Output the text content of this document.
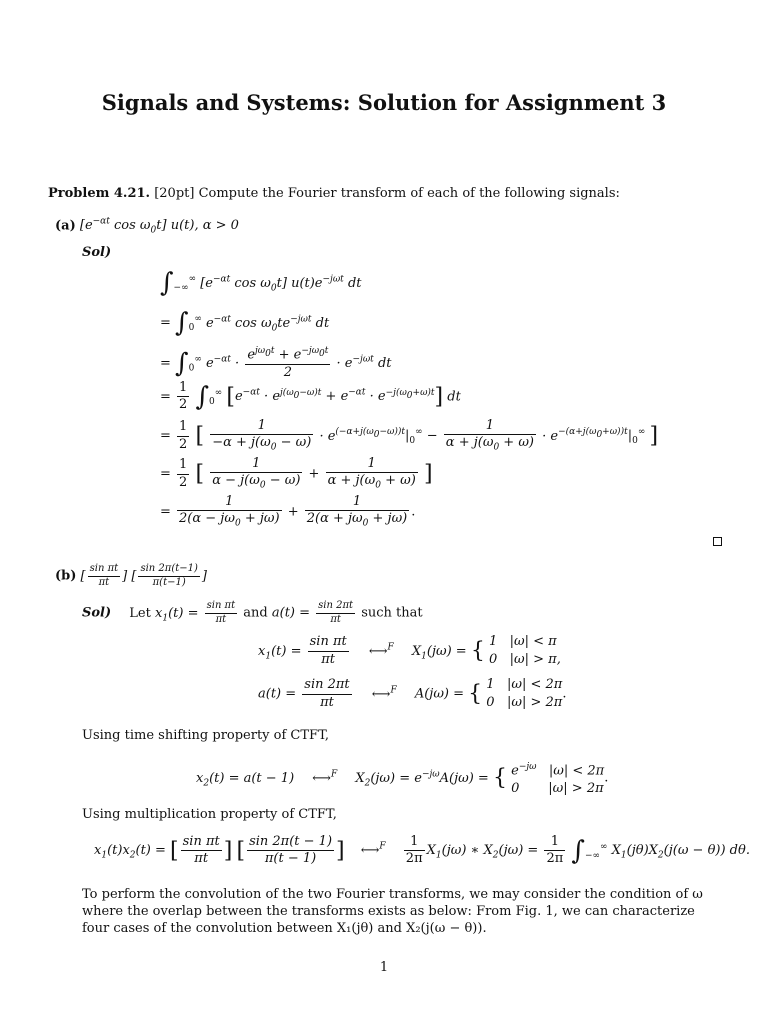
Signals and Systems: Solution for Assignment 3
Problem 4.21. [20pt] Compute the Fourier transform of each of the following signals:
(a) [$e^{-\alpha t}$ $\cos \omega_0t$] u(t), α > 0
Sol)
$\int_{-\infty}^\infty$ [$e^{-\alpha t}$ $\cos \omega_0t$] $u(t)e^{-j\omega t}$ dt
= $\int_0^\infty$ $e^{-\alpha t}$ $\cos \omega_0te^{-j\omega t}$ dt
= $\int_0^\infty$ $e^{-\alpha t} \cdot \frac{e^{j\omega_0t} + e^{-j\omega_0t}}{2} \cdot e^{-j\omega t}$ dt
= $\frac{1}{2} \int_0^\infty$ $[e^{-\alpha t} \cdot e^{j(\omega_0-\omega)t} + e^{-\alpha t} \cdot e^{-j(\omega_0+\omega)t}]$ dt
= $\frac{1}{2}$ [ $\frac{1}{-\alpha + j(\omega_0 - \omega)} \cdot e^{(-\alpha+j(\omega_0-\omega))t}|_0^\infty - \frac{1}{\alpha + j(\omega_0 + \omega)} \cdot e^{-(\alpha+j(\omega_0+\omega))t}|_0^\infty$ ]
= $\frac{1}{2}$ [ $\frac{1}{\alpha - j(\omega_0 - \omega)} + \frac{1}{\alpha + j(\omega_0 + \omega)}$ ]
= $\frac{1}{2(\alpha - j\omega_0 + j\omega)} + \frac{1}{2(\alpha + j\omega_0 + j\omega)}$ .
(b) [ $\frac{\text{sin πt}}{\pi t}$ ] [ $\frac{\sin 2\pi(t-1)}{\pi(t-1)}$ ]
Sol) Let $x_1(t) = \frac{\text{sin πt}}{\pi t}$ and $a(t) = \frac{\sin 2\pi t}{\pi t}$ such that
$x_1(t) = \frac{\text{sin πt}}{\pi t}$ ⟷$^F$ $X_1(j\omega)$ = { 1   |ω| < π
0   |ω| > π,
$a(t) = \frac{\sin 2\pi t}{\pi t}$ ⟷$^F$ A(jω) = { 1   |ω| < 2π
0   |ω| > 2π.
Using time shifting property of CTFT,
$x_2(t) = a(t - 1)$ ⟷$^F$ $X_2(j\omega) = e^{-j\omega}A(j\omega)$ = { $e^{-j\omega}$   |ω| < 2π
0       |ω| > 2π.
Using multiplication property of CTFT,
$x_1(t)x_2(t)$ = [ $\frac{\text{sin πt}}{\pi t}$ ] [ $\frac{\sin 2\pi(t - 1)}{\pi(t - 1)}$ ] ⟷$^F$ $\frac{1}{2\pi} X_1(j\omega)$ ∗ $X_2(j\omega) = \frac{1}{2\pi} \int_{-\infty}^\infty$ $X_1(j\theta)X_2(j(\omega - \theta))$ dθ.
To perform the convolution of the two Fourier transforms, we may consider the condition of ω where the overlap between the transforms exists as below: From Fig. 1, we can characterize four cases of the convolution between X₁(jθ) and X₂(j(ω − θ)).
1
